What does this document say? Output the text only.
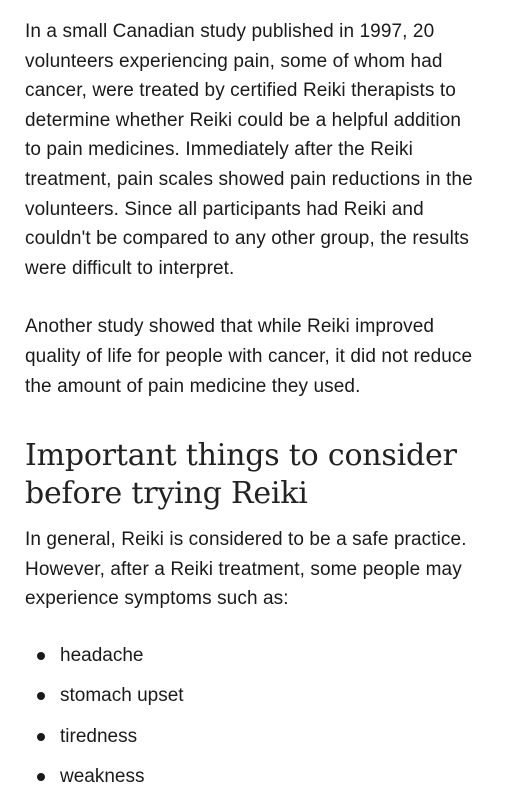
In a small Canadian study published in 1997, 20 volunteers experiencing pain, some of whom had cancer, were treated by certified Reiki therapists to determine whether Reiki could be a helpful addition to pain medicines. Immediately after the Reiki treatment, pain scales showed pain reductions in the volunteers. Since all participants had Reiki and couldn't be compared to any other group, the results were difficult to interpret.

Another study showed that while Reiki improved quality of life for people with cancer, it did not reduce the amount of pain medicine they used.

Important things to consider before trying Reiki

In general, Reiki is considered to be a safe practice. However, after a Reiki treatment, some people may experience symptoms such as:

headache
stomach upset
tiredness
weakness
